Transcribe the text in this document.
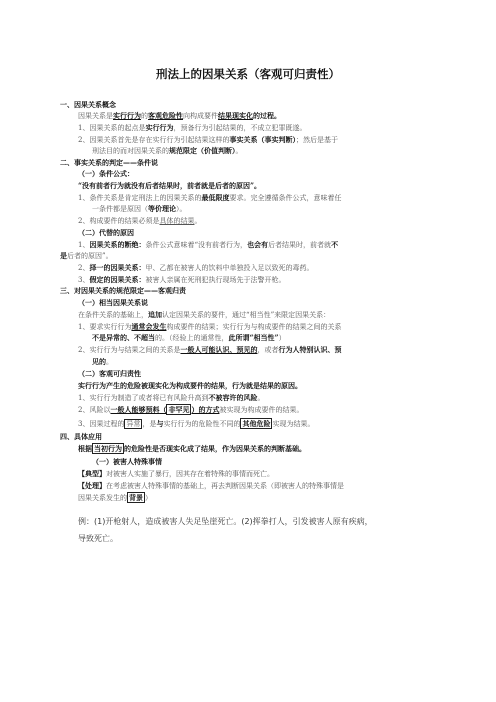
刑法上的因果关系（客观可归责性）
一、因果关系概念
因果关系是实行行为的客观危险性向构成要件结果现实化的过程。
1、因果关系的起点是实行行为，预备行为引起结果的，不成立犯罪既遂。
2、因果关系首先是存在实行行为引起结果这样的事实关系（事实判断）；然后是基于
刑法目的而对因果关系的规范限定（价值判断）。
二、事实关系的判定——条件说
（一）条件公式：
“没有前者行为就没有后者结果时，前者就是后者的原因”。
1、条件关系是肯定刑法上的因果关系的最低限度要求。完全遵循条件公式，意味着任
一条件都是原因（等价理论）。
2、构成要件的结果必须是具体的结果。
（二）代替的原因
1、因果关系的断绝：条件公式意味着“没有前者行为，也会有后者结果时，前者就不
是后者的原因”。
2、择一的因果关系：甲、乙都在被害人的饮料中单独投入足以致死的毒药。
3、假定的因果关系：被害人亲属在死刑犯执行现场先于法警开枪。
三、对因果关系的规范限定——客观归责
（一）相当因果关系说
在条件关系的基础上，追加认定因果关系的要件，通过“相当性”来限定因果关系：
1、要求实行行为通常会发生构成要件的结果；实行行为与构成要件的结果之间的关系
不是异常的、不超当的。（经验上的通常性，此所谓“相当性”）
2、实行行为与结果之间的关系是一般人可能认识、预见的，或者行为人特别认识、预
见的。
（二）客观可归责性
实行行为产生的危险被现实化为构成要件的结果，行为就是结果的原因。
1、实行行为制造了或者将已有风险升高到不被容许的风险。
2、风险以一般人能够预料（ 非罕见 ）的方式被实现为构成要件的结果。
3、因果过程的 异常 ，是与实行行为的危险性不同的 其他危险 实现为结果。
四、具体应用
根据 当初行为 的危险性是否现实化成了结果，作为因果关系的判断基础。
（一）被害人特殊事情
【典型】对被害人实施了暴行，因其存在着特殊的事情而死亡。
【处理】在考虑被害人特殊事情的基础上，再去判断因果关系（即被害人的特殊事情是
因果关系发生的 背景 ）
例：(1)开枪射人，造成被害人失足坠崖死亡。(2)挥拳打人，引发被害人原有疾病，
导致死亡。
